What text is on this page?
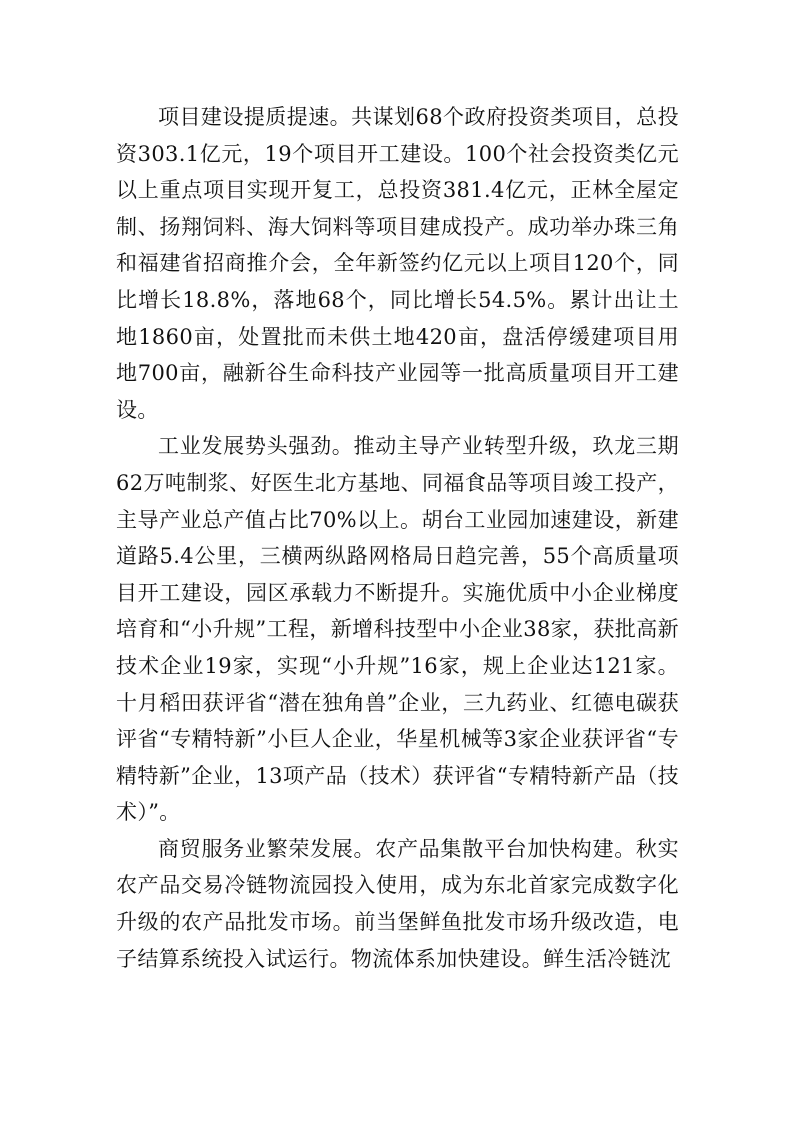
项目建设提质提速。共谋划68个政府投资类项目，总投资303.1亿元，19个项目开工建设。100个社会投资类亿元以上重点项目实现开复工，总投资381.4亿元，正林全屋定制、扬翔饲料、海大饲料等项目建成投产。成功举办珠三角和福建省招商推介会，全年新签约亿元以上项目120个，同比增长18.8%，落地68个，同比增长54.5%。累计出让土地1860亩，处置批而未供土地420亩，盘活停缓建项目用地700亩，融新谷生命科技产业园等一批高质量项目开工建设。

工业发展势头强劲。推动主导产业转型升级，玖龙三期62万吨制浆、好医生北方基地、同福食品等项目竣工投产，主导产业总产值占比70%以上。胡台工业园加速建设，新建道路5.4公里，三横两纵路网格局日趋完善，55个高质量项目开工建设，园区承载力不断提升。实施优质中小企业梯度培育和“小升规”工程，新增科技型中小企业38家，获批高新技术企业19家，实现“小升规”16家，规上企业达121家。十月稻田获评省“潜在独角兽”企业，三九药业、红德电碳获评省“专精特新”小巨人企业，华星机械等3家企业获评省“专精特新”企业，13项产品（技术）获评省“专精特新产品（技术）”。

商贸服务业繁荣发展。农产品集散平台加快构建。秋实农产品交易冷链物流园投入使用，成为东北首家完成数字化升级的农产品批发市场。前当堡鲜鱼批发市场升级改造，电子结算系统投入试运行。物流体系加快建设。鲜生活冷链沈
